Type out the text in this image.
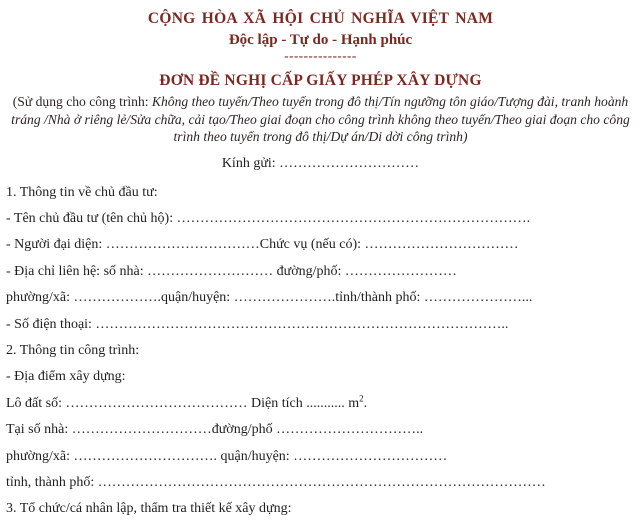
CỘNG HÒA XÃ HỘI CHỦ NGHĨA VIỆT NAM

Độc lập - Tự do - Hạnh phúc

---------------

ĐƠN ĐỀ NGHỊ CẤP GIẤY PHÉP XÂY DỰNG

(Sử dụng cho công trình: Không theo tuyến/Theo tuyến trong đô thị/Tín ngưỡng tôn giáo/Tượng đài, tranh hoành tráng /Nhà ở riêng lẻ/Sửa chữa, cải tạo/Theo giai đoạn cho công trình không theo tuyến/Theo giai đoạn cho công trình theo tuyến trong đô thị/Dự án/Di dời công trình)

Kính gửi: …………………………

1. Thông tin về chủ đầu tư:

- Tên chủ đầu tư (tên chủ hộ): ………………………………………………………………….

- Người đại diện: ……………………………Chức vụ (nếu có): ……………………………

- Địa chỉ liên hệ: số nhà: ……………………… đường/phố: ……………………

phường/xã: ……………….quận/huyện: ………………….tỉnh/thành phố: …………………...

- Số điện thoại: ……………………………………………………………………………..

2. Thông tin công trình:

- Địa điểm xây dựng:

Lô đất số: ………………………………… Diện tích ........... $m^2$.

Tại số nhà: …………………………đường/phố …………………………..

phường/xã: …………………………. quận/huyện: ……………………………

tỉnh, thành phố: ……………………………………………………………………………………

3. Tổ chức/cá nhân lập, thẩm tra thiết kế xây dựng:
